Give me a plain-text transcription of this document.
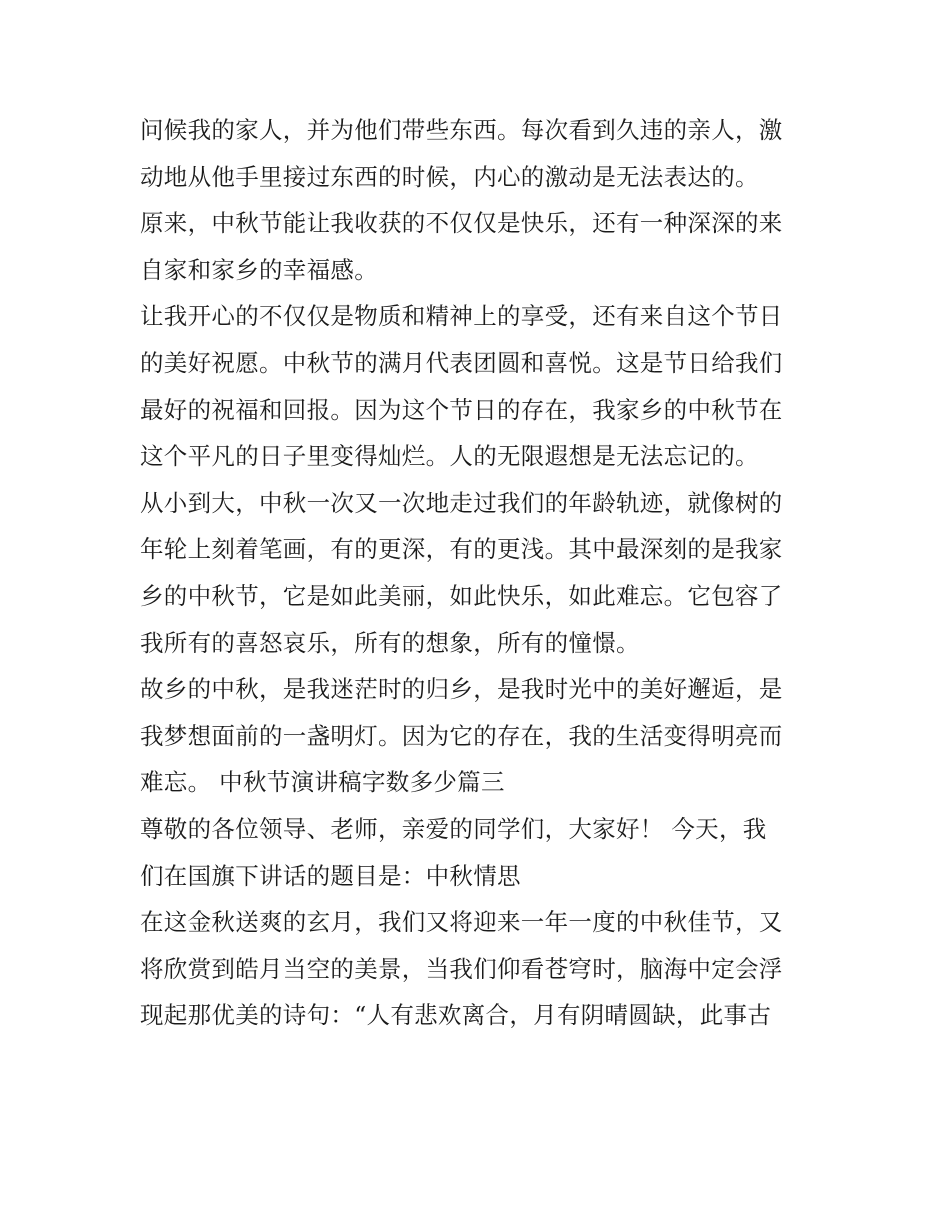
问候我的家人，并为他们带些东西。每次看到久违的亲人，激
动地从他手里接过东西的时候，内心的激动是无法表达的。
原来，中秋节能让我收获的不仅仅是快乐，还有一种深深的来
自家和家乡的幸福感。
让我开心的不仅仅是物质和精神上的享受，还有来自这个节日
的美好祝愿。中秋节的满月代表团圆和喜悦。这是节日给我们
最好的祝福和回报。因为这个节日的存在，我家乡的中秋节在
这个平凡的日子里变得灿烂。人的无限遐想是无法忘记的。
从小到大，中秋一次又一次地走过我们的年龄轨迹，就像树的
年轮上刻着笔画，有的更深，有的更浅。其中最深刻的是我家
乡的中秋节，它是如此美丽，如此快乐，如此难忘。它包容了
我所有的喜怒哀乐，所有的想象，所有的憧憬。
故乡的中秋，是我迷茫时的归乡，是我时光中的美好邂逅，是
我梦想面前的一盏明灯。因为它的存在，我的生活变得明亮而
难忘。 中秋节演讲稿字数多少篇三
尊敬的各位领导、老师，亲爱的同学们，大家好！ 今天，我
们在国旗下讲话的题目是：中秋情思
在这金秋送爽的玄月，我们又将迎来一年一度的中秋佳节，又
将欣赏到皓月当空的美景，当我们仰看苍穹时，脑海中定会浮
现起那优美的诗句：“人有悲欢离合，月有阴晴圆缺，此事古
